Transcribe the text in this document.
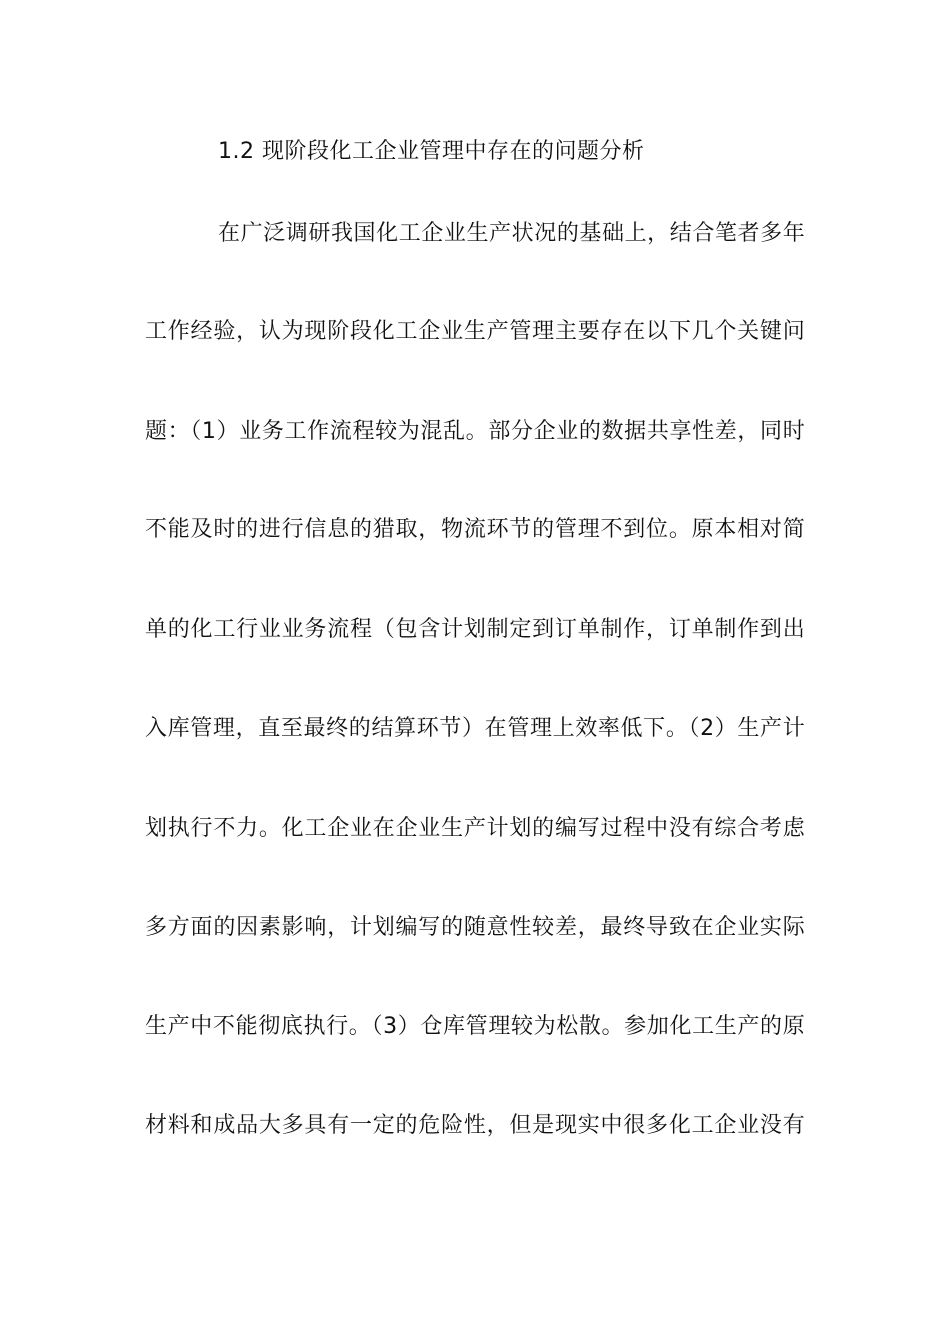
1.2 现阶段化工企业管理中存在的问题分析
在广泛调研我国化工企业生产状况的基础上，结合笔者多年
工作经验，认为现阶段化工企业生产管理主要存在以下几个关键问
题：（1）业务工作流程较为混乱。部分企业的数据共享性差，同时
不能及时的进行信息的猎取，物流环节的管理不到位。原本相对简
单的化工行业业务流程（包含计划制定到订单制作，订单制作到出
入库管理，直至最终的结算环节）在管理上效率低下。（2）生产计
划执行不力。化工企业在企业生产计划的编写过程中没有综合考虑
多方面的因素影响，计划编写的随意性较差，最终导致在企业实际
生产中不能彻底执行。（3）仓库管理较为松散。参加化工生产的原
材料和成品大多具有一定的危险性，但是现实中很多化工企业没有
